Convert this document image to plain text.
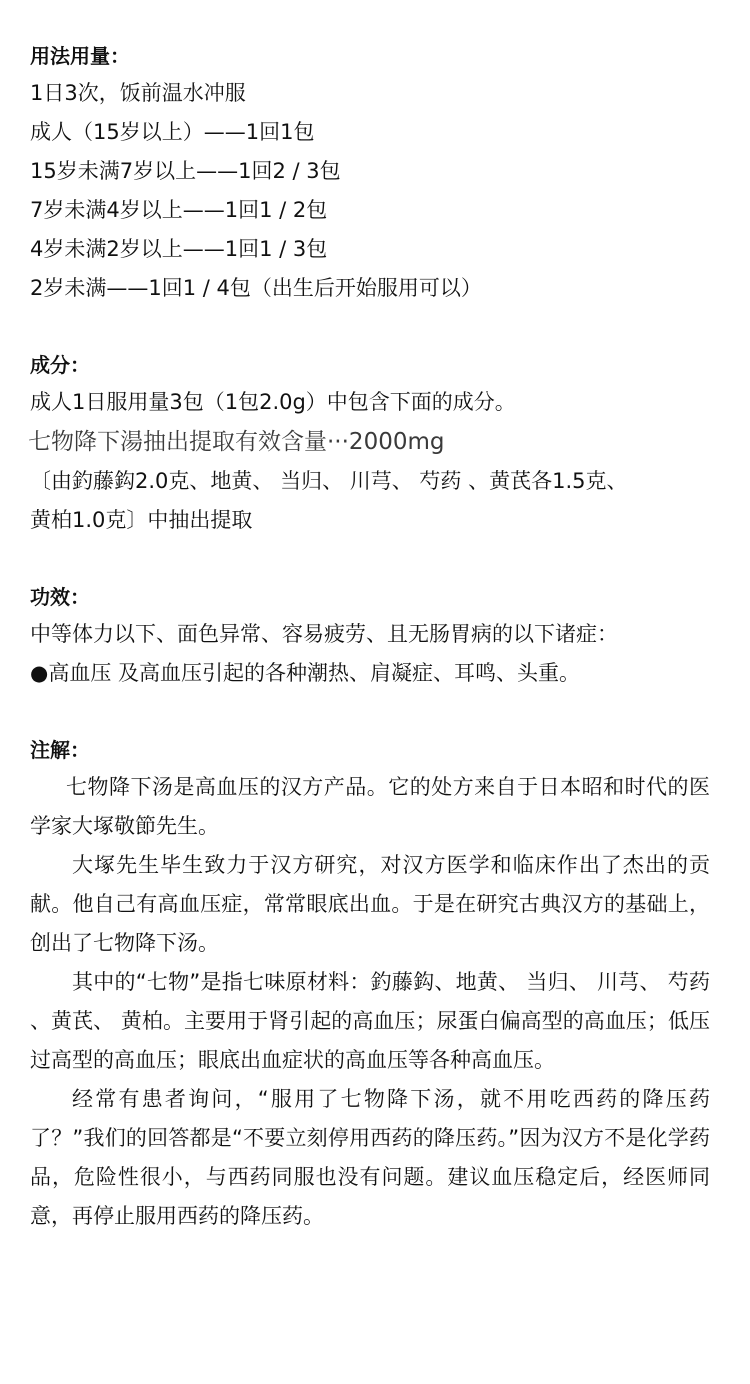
用法用量：

1日3次，饭前温水冲服

成人（15岁以上）——1回1包

15岁未满7岁以上——1回2 / 3包

7岁未满4岁以上——1回1 / 2包

4岁未满2岁以上——1回1 / 3包

2岁未满——1回1 / 4包（出生后开始服用可以）

成分：

成人1日服用量3包（1包2.0g）中包含下面的成分。

七物降下湯抽出提取有效含量···2000mg

〔由釣藤鈎2.0克、地黄、 当归、 川芎、 芍药 、黄芪各1.5克、

黄柏1.0克〕中抽出提取

功效：

中等体力以下、面色异常、容易疲劳、且无肠胃病的以下诸症：

●高血压 及高血压引起的各种潮热、肩凝症、耳鸣、头重。

注解：

七物降下汤是高血压的汉方产品。它的处方来自于日本昭和时代的医学家大塚敬節先生。

大塚先生毕生致力于汉方研究，对汉方医学和临床作出了杰出的贡献。他自己有高血压症，常常眼底出血。于是在研究古典汉方的基础上，创出了七物降下汤。

其中的“七物”是指七味原材料：釣藤鈎、地黄、 当归、 川芎、 芍药 、黄芪、 黄柏。主要用于肾引起的高血压；尿蛋白偏高型的高血压；低压过高型的高血压；眼底出血症状的高血压等各种高血压。

经常有患者询问，“服用了七物降下汤，就不用吃西药的降压药了？”我们的回答都是“不要立刻停用西药的降压药。”因为汉方不是化学药品，危险性很小，与西药同服也没有问题。建议血压稳定后，经医师同意，再停止服用西药的降压药。
